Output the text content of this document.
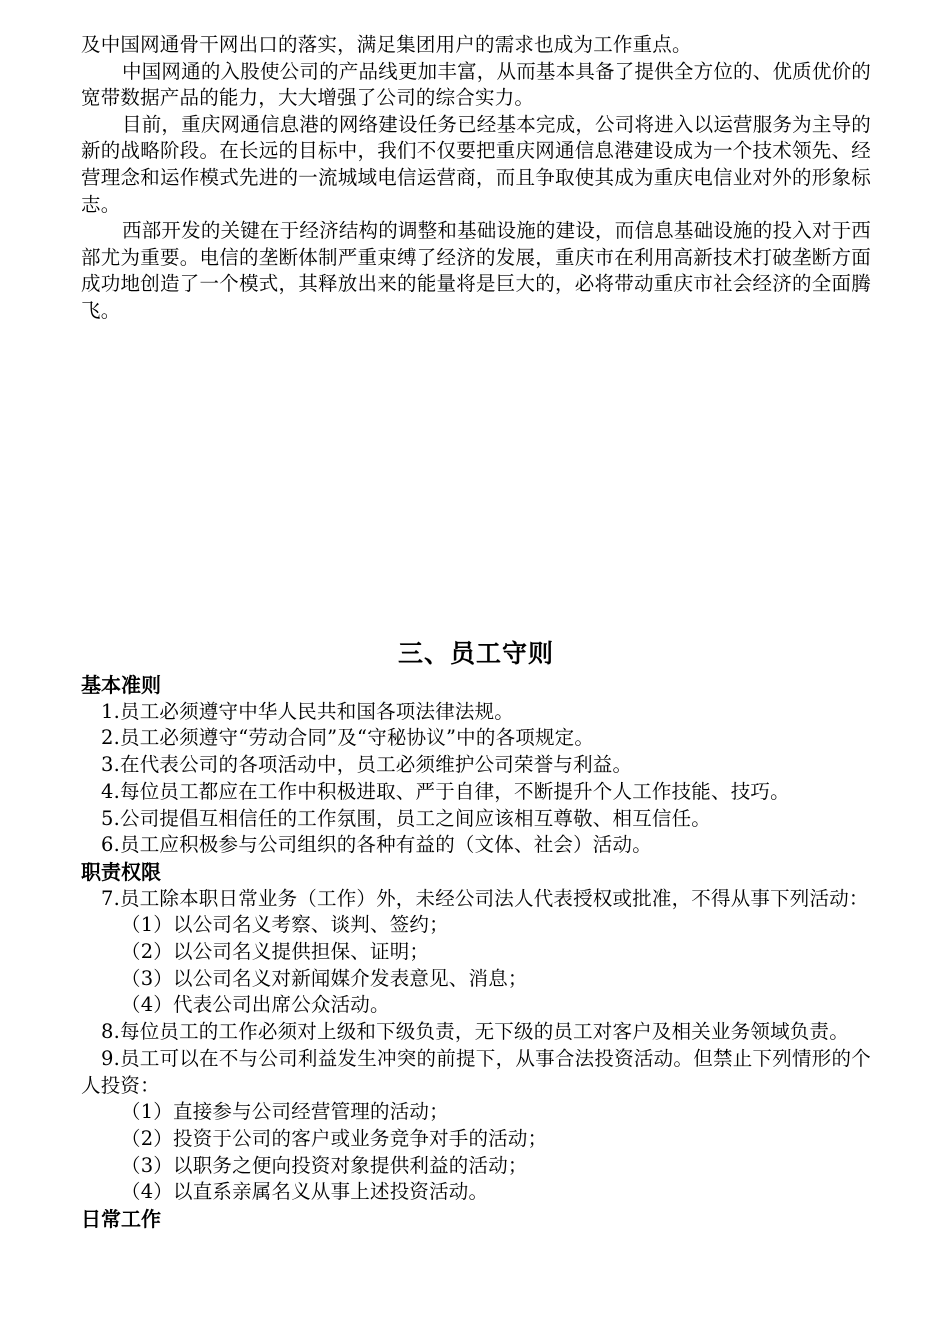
及中国网通骨干网出口的落实，满足集团用户的需求也成为工作重点。

中国网通的入股使公司的产品线更加丰富，从而基本具备了提供全方位的、优质优价的宽带数据产品的能力，大大增强了公司的综合实力。

目前，重庆网通信息港的网络建设任务已经基本完成，公司将进入以运营服务为主导的新的战略阶段。在长远的目标中，我们不仅要把重庆网通信息港建设成为一个技术领先、经营理念和运作模式先进的一流城域电信运营商，而且争取使其成为重庆电信业对外的形象标志。

西部开发的关键在于经济结构的调整和基础设施的建设，而信息基础设施的投入对于西部尤为重要。电信的垄断体制严重束缚了经济的发展，重庆市在利用高新技术打破垄断方面成功地创造了一个模式，其释放出来的能量将是巨大的，必将带动重庆市社会经济的全面腾飞。

三、员工守则
基本准则

1.员工必须遵守中华人民共和国各项法律法规。

2.员工必须遵守“劳动合同”及“守秘协议”中的各项规定。

3.在代表公司的各项活动中，员工必须维护公司荣誉与利益。

4.每位员工都应在工作中积极进取、严于自律，不断提升个人工作技能、技巧。

5.公司提倡互相信任的工作氛围，员工之间应该相互尊敬、相互信任。

6.员工应积极参与公司组织的各种有益的（文体、社会）活动。

职责权限

7.员工除本职日常业务（工作）外，未经公司法人代表授权或批准，不得从事下列活动：

（1）以公司名义考察、谈判、签约；

（2）以公司名义提供担保、证明；

（3）以公司名义对新闻媒介发表意见、消息；

（4）代表公司出席公众活动。

8.每位员工的工作必须对上级和下级负责，无下级的员工对客户及相关业务领域负责。

9.员工可以在不与公司利益发生冲突的前提下，从事合法投资活动。但禁止下列情形的个人投资：

（1）直接参与公司经营管理的活动；

（2）投资于公司的客户或业务竞争对手的活动；

（3）以职务之便向投资对象提供利益的活动；

（4）以直系亲属名义从事上述投资活动。

日常工作
